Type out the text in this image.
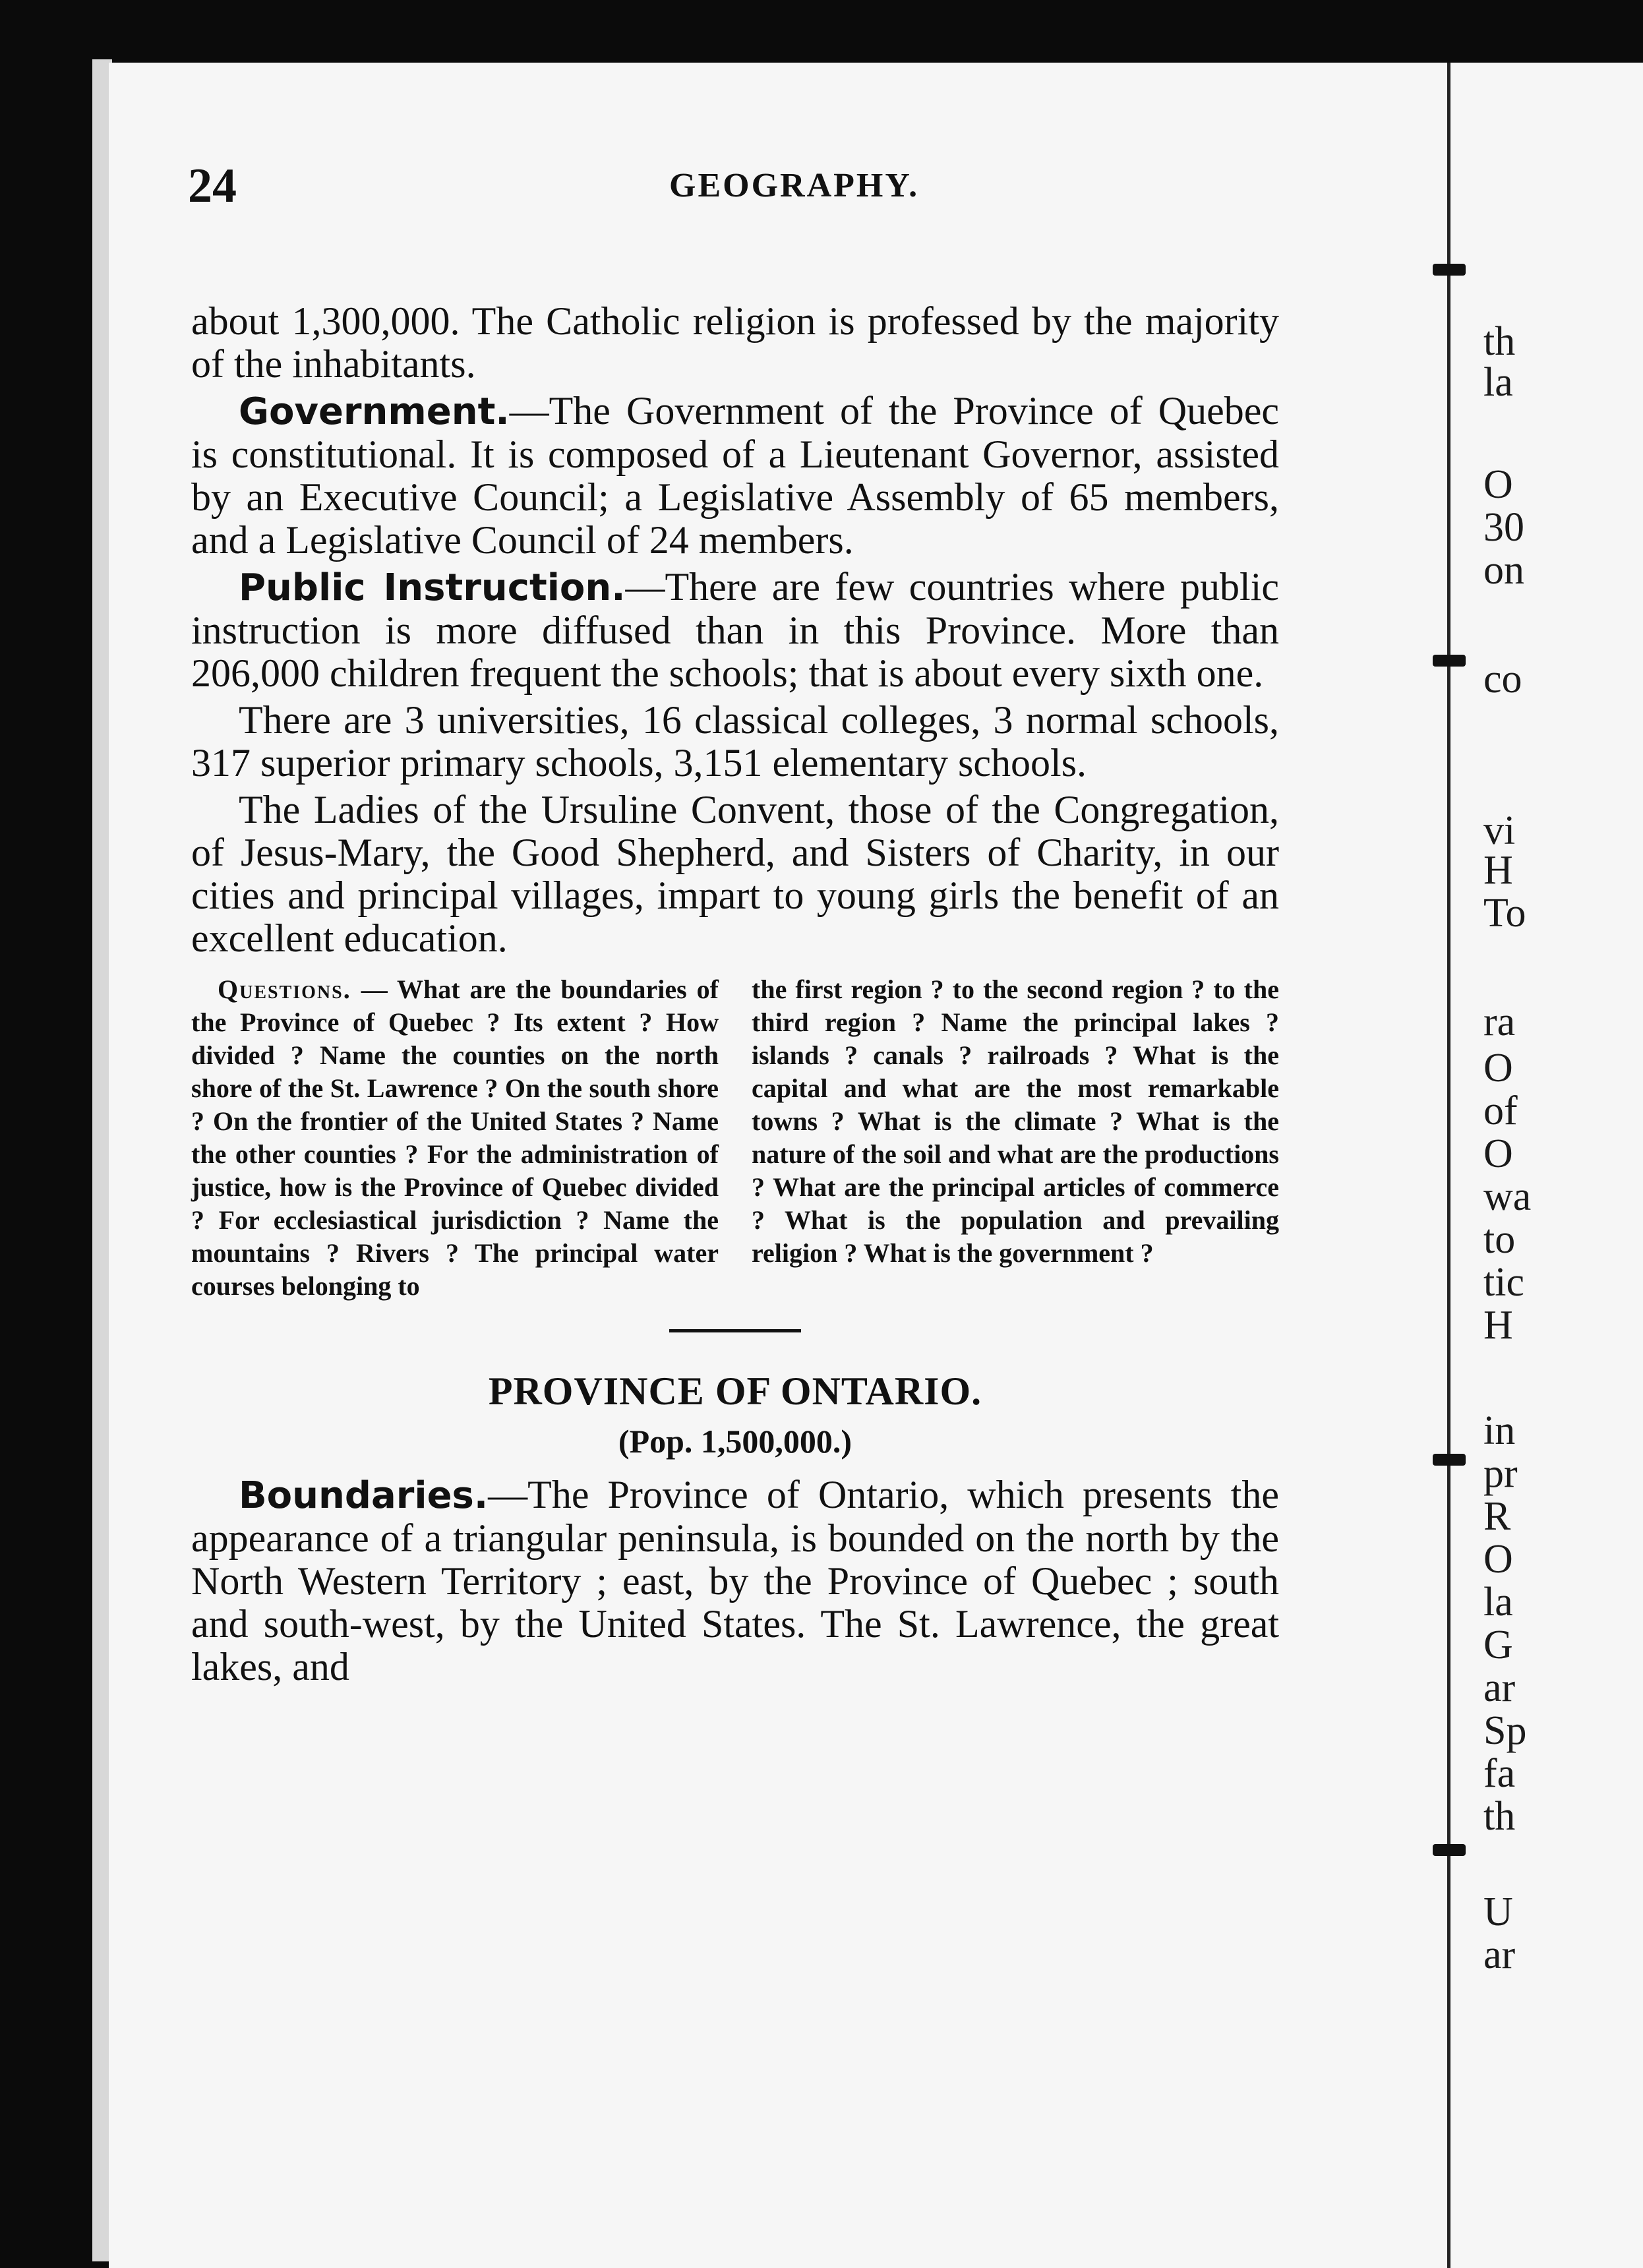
th
la
O
30
on
co
vi
H
To
ra
O
of
O
wa
to
tic
H
in
pr
R
O
la
G
ar
Sp
fa
th
U
ar
24	GEOGRAPHY.

about 1,300,000. The Catholic religion is professed by the majority of the inhabitants.

Government.—The Government of the Province of Quebec is constitutional. It is composed of a Lieutenant Governor, assisted by an Executive Council; a Legislative Assembly of 65 members, and a Legislative Council of 24 members.

Public Instruction.—There are few countries where public instruction is more diffused than in this Province. More than 206,000 children frequent the schools; that is about every sixth one.

There are 3 universities, 16 classical colleges, 3 normal schools, 317 superior primary schools, 3,151 elementary schools.

The Ladies of the Ursuline Convent, those of the Congregation, of Jesus-Mary, the Good Shepherd, and Sisters of Charity, in our cities and principal villages, impart to young girls the benefit of an excellent education.

Questions. — What are the boundaries of the Province of Quebec ? Its extent ? How divided ? Name the counties on the north shore of the St. Lawrence ? On the south shore ? On the frontier of the United States ? Name the other counties ? For the administration of justice, how is the Province of Quebec divided ? For ecclesiastical jurisdiction ? Name the mountains ? Rivers ? The principal water courses belonging to
the first region ? to the second region ? to the third region ? Name the principal lakes ? islands ? canals ? railroads ? What is the capital and what are the most remarkable towns ? What is the climate ? What is the nature of the soil and what are the productions ? What are the principal articles of commerce ? What is the population and prevailing religion ? What is the government ?

PROVINCE OF ONTARIO.

(Pop. 1,500,000.)

Boundaries.—The Province of Ontario, which presents the appearance of a triangular peninsula, is bounded on the north by the North Western Territory ; east, by the Province of Quebec ; south and south-west, by the United States. The St. Lawrence, the great lakes, and
